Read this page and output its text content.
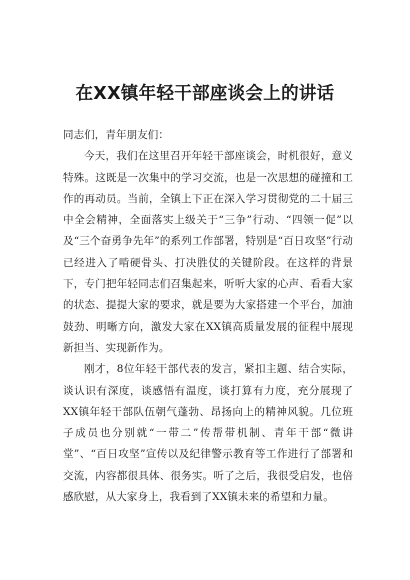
在XX镇年轻干部座谈会上的讲话

同志们，青年朋友们：

今天，我们在这里召开年轻干部座谈会，时机很好，意义特殊。这既是一次集中的学习交流，也是一次思想的碰撞和工作的再动员。当前，全镇上下正在深入学习贯彻党的二十届三中全会精神，全面落实上级关于“三争”行动、“四领一促”以及“三个奋勇争先年”的系列工作部署，特别是“百日攻坚”行动已经进入了啃硬骨头、打决胜仗的关键阶段。在这样的背景下，专门把年轻同志们召集起来，听听大家的心声、看看大家的状态、提提大家的要求，就是要为大家搭建一个平台，加油鼓劲、明晰方向，激发大家在XX镇高质量发展的征程中展现新担当、实现新作为。

刚才，8位年轻干部代表的发言，紧扣主题、结合实际，谈认识有深度，谈感悟有温度，谈打算有力度，充分展现了XX镇年轻干部队伍朝气蓬勃、昂扬向上的精神风貌。几位班子成员也分别就“一带二”传帮带机制、青年干部“微讲堂”、“百日攻坚”宣传以及纪律警示教育等工作进行了部署和交流，内容都很具体、很务实。听了之后，我很受启发，也倍感欣慰，从大家身上，我看到了XX镇未来的希望和力量。
